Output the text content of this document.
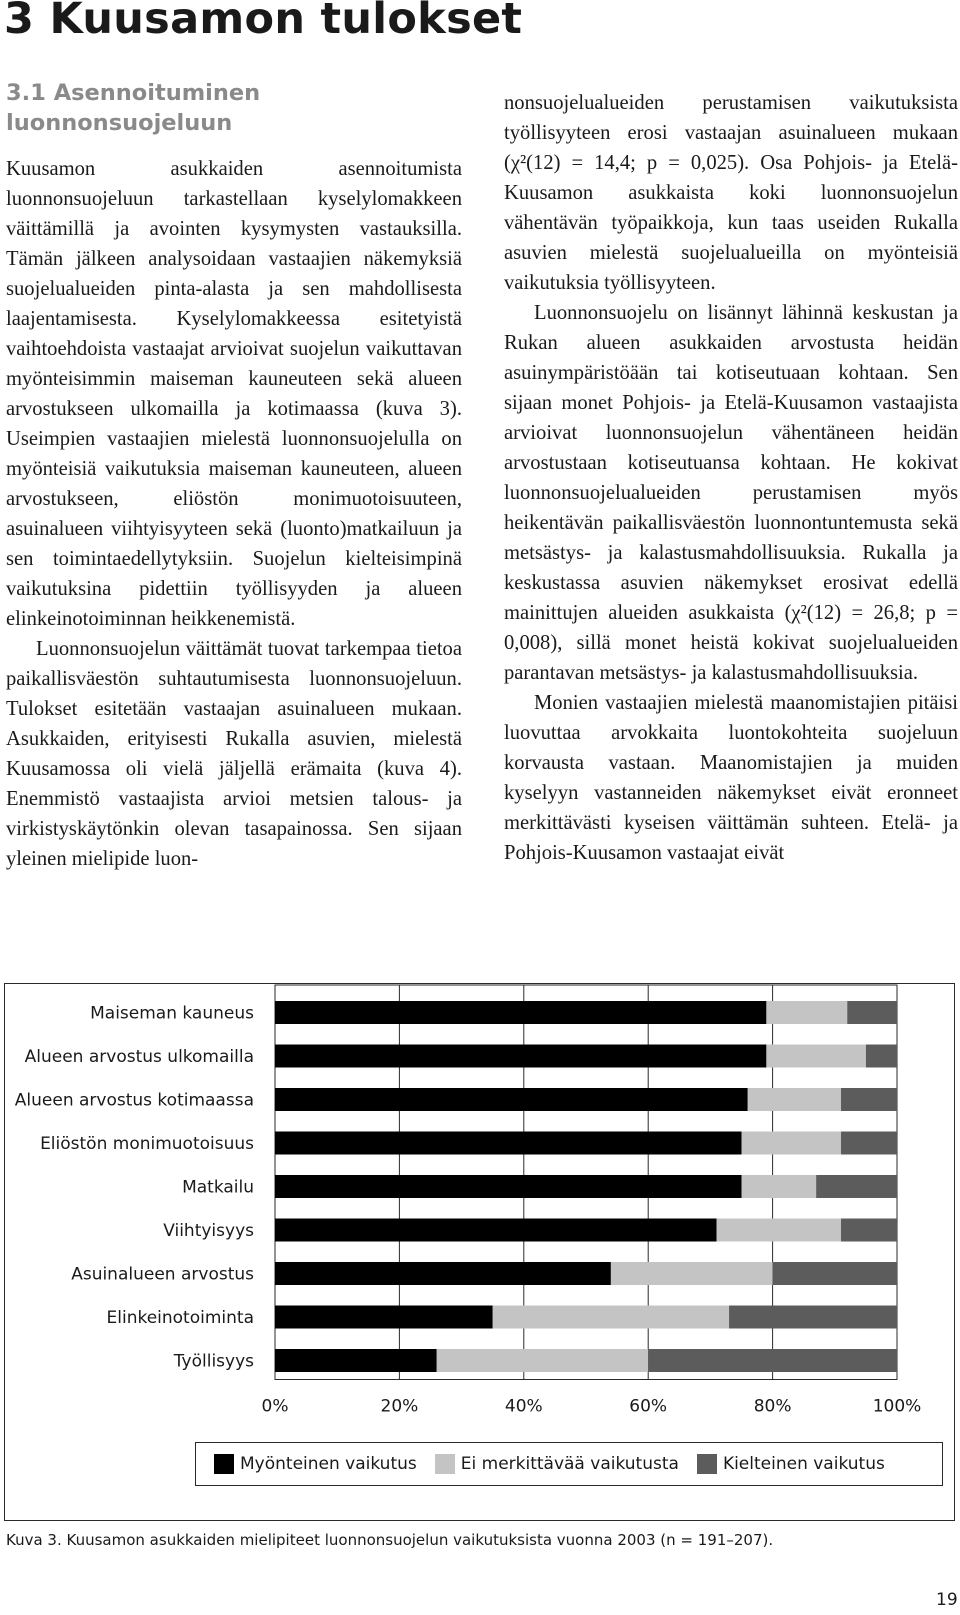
3 Kuusamon tulokset
3.1 Asennoituminen luonnonsuojeluun

Kuusamon asukkaiden asennoitumista luonnonsuojeluun tarkastellaan kyselylomakkeen väittämillä ja avointen kysymysten vastauksilla. Tämän jälkeen analysoidaan vastaajien näkemyksiä suojelualueiden pinta-alasta ja sen mahdollisesta laajentamisesta. Kyselylomakkeessa esitetyistä vaihtoehdoista vastaajat arvioivat suojelun vaikuttavan myönteisimmin maiseman kauneuteen sekä alueen arvostukseen ulkomailla ja kotimaassa (kuva 3). Useimpien vastaajien mielestä luonnonsuojelulla on myönteisiä vaikutuksia maiseman kauneuteen, alueen arvostukseen, eliöstön monimuotoisuuteen, asuinalueen viihtyisyyteen sekä (luonto)matkailuun ja sen toimintaedellytyksiin. Suojelun kielteisimpinä vaikutuksina pidettiin työllisyyden ja alueen elinkeinotoiminnan heikkenemistä.

Luonnonsuojelun väittämät tuovat tarkempaa tietoa paikallisväestön suhtautumisesta luonnonsuojeluun. Tulokset esitetään vastaajan asuinalueen mukaan. Asukkaiden, erityisesti Rukalla asuvien, mielestä Kuusamossa oli vielä jäljellä erämaita (kuva 4). Enemmistö vastaajista arvioi metsien talous- ja virkistyskäytönkin olevan tasapainossa. Sen sijaan yleinen mielipide luon-

nonsuojelualueiden perustamisen vaikutuksista työllisyyteen erosi vastaajan asuinalueen mukaan (χ²(12) = 14,4; p = 0,025). Osa Pohjois- ja Etelä-Kuusamon asukkaista koki luonnonsuojelun vähentävän työpaikkoja, kun taas useiden Rukalla asuvien mielestä suojelualueilla on myönteisiä vaikutuksia työllisyyteen.

Luonnonsuojelu on lisännyt lähinnä keskustan ja Rukan alueen asukkaiden arvostusta heidän asuinympäristöään tai kotiseutuaan kohtaan. Sen sijaan monet Pohjois- ja Etelä-Kuusamon vastaajista arvioivat luonnonsuojelun vähentäneen heidän arvostustaan kotiseutuansa kohtaan. He kokivat luonnonsuojelualueiden perustamisen myös heikentävän paikallisväestön luonnontuntemusta sekä metsästys- ja kalastusmahdollisuuksia. Rukalla ja keskustassa asuvien näkemykset erosivat edellä mainittujen alueiden asukkaista (χ²(12) = 26,8; p = 0,008), sillä monet heistä kokivat suojelualueiden parantavan metsästys- ja kalastusmahdollisuuksia.

Monien vastaajien mielestä maanomistajien pitäisi luovuttaa arvokkaita luontokohteita suojeluun korvausta vastaan. Maanomistajien ja muiden kyselyyn vastanneiden näkemykset eivät eronneet merkittävästi kyseisen väittämän suhteen. Etelä- ja Pohjois-Kuusamon vastaajat eivät

Maiseman kauneus
Alueen arvostus ulkomailla
Alueen arvostus kotimaassa
Eliöstön monimuotoisuus
Matkailu
Viihtyisyys
Asuinalueen arvostus
Elinkeinotoiminta
Työllisyys
0%	20%	40%	60%	80%	100%
Myönteinen vaikutus	Ei merkittävää vaikutusta	Kielteinen vaikutus
Kuva 3. Kuusamon asukkaiden mielipiteet luonnonsuojelun vaikutuksista vuonna 2003 (n = 191–207).
19
